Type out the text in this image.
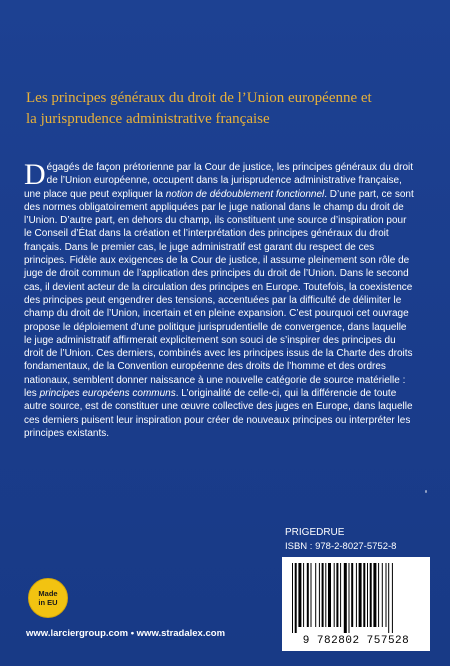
Les principes généraux du droit de l’Union européenne et
la jurisprudence administrative française

Dégagés de façon prétorienne par la Cour de justice, les principes généraux du droit de l’Union européenne, occupent dans la jurisprudence administrative française, une place que peut expliquer la notion de dédoublement fonctionnel. D’une part, ce sont des normes obligatoirement appliquées par le juge national dans le champ du droit de l’Union. D’autre part, en dehors du champ, ils constituent une source d’inspiration pour le Conseil d’État dans la création et l’interprétation des principes généraux du droit français. Dans le premier cas, le juge administratif est garant du respect de ces principes. Fidèle aux exigences de la Cour de justice, il assume pleinement son rôle de juge de droit commun de l’application des principes du droit de l’Union. Dans le second cas, il devient acteur de la circulation des principes en Europe. Toutefois, la coexistence des principes peut engendrer des tensions, accentuées par la difficulté de délimiter le champ du droit de l’Union, incertain et en pleine expansion. C’est pourquoi cet ouvrage propose le déploiement d’une politique jurisprudentielle de convergence, dans laquelle le juge administratif affirmerait explicitement son souci de s’inspirer des principes du droit de l’Union. Ces derniers, combinés avec les principes issus de la Charte des droits fondamentaux, de la Convention européenne des droits de l’homme et des ordres nationaux, semblent donner naissance à une nouvelle catégorie de source matérielle : les principes européens communs. L’originalité de celle-ci, qui la différencie de toute autre source, est de constituer une œuvre collective des juges en Europe, dans laquelle ces derniers puisent leur inspiration pour créer de nouveaux principes ou interpréter les principes existants.

PRIGEDRUE

ISBN : 978-2-8027-5752-8

9 782802 757528
Made
in EU

www.larciergroup.com • www.stradalex.com
